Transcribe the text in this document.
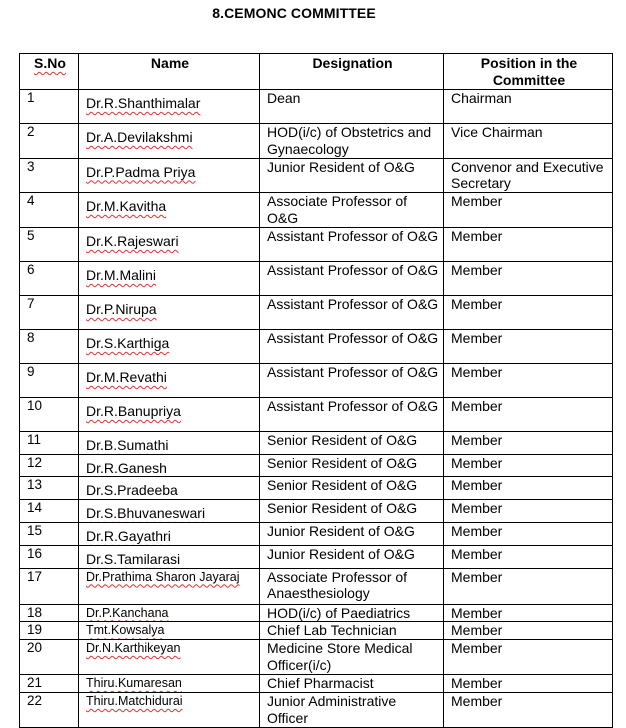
8.CEMONC COMMITTEE
S.No	Name	Designation	Position in the Committee
1	Dr.R.Shanthimalar	Dean	Chairman
2	Dr.A.Devilakshmi	HOD(i/c) of Obstetrics and Gynaecology	Vice Chairman
3	Dr.P.Padma Priya	Junior Resident of O&G	Convenor and Executive Secretary
4	Dr.M.Kavitha	Associate Professor of O&G	Member
5	Dr.K.Rajeswari	Assistant Professor of O&G	Member
6	Dr.M.Malini	Assistant Professor of O&G	Member
7	Dr.P.Nirupa	Assistant Professor of O&G	Member
8	Dr.S.Karthiga	Assistant Professor of O&G	Member
9	Dr.M.Revathi	Assistant Professor of O&G	Member
10	Dr.R.Banupriya	Assistant Professor of O&G	Member
11	Dr.B.Sumathi	Senior Resident of O&G	Member
12	Dr.R.Ganesh	Senior Resident of O&G	Member
13	Dr.S.Pradeeba	Senior Resident of O&G	Member
14	Dr.S.Bhuvaneswari	Senior Resident of O&G	Member
15	Dr.R.Gayathri	Junior Resident of O&G	Member
16	Dr.S.Tamilarasi	Junior Resident of O&G	Member
17	Dr.Prathima Sharon Jayaraj	Associate Professor of Anaesthesiology	Member
18	Dr.P.Kanchana	HOD(i/c) of Paediatrics	Member
19	Tmt.Kowsalya	Chief Lab Technician	Member
20	Dr.N.Karthikeyan	Medicine Store Medical Officer(i/c)	Member
21	Thiru.Kumaresan	Chief Pharmacist	Member
22	Thiru.Matchidurai	Junior Administrative Officer	Member
